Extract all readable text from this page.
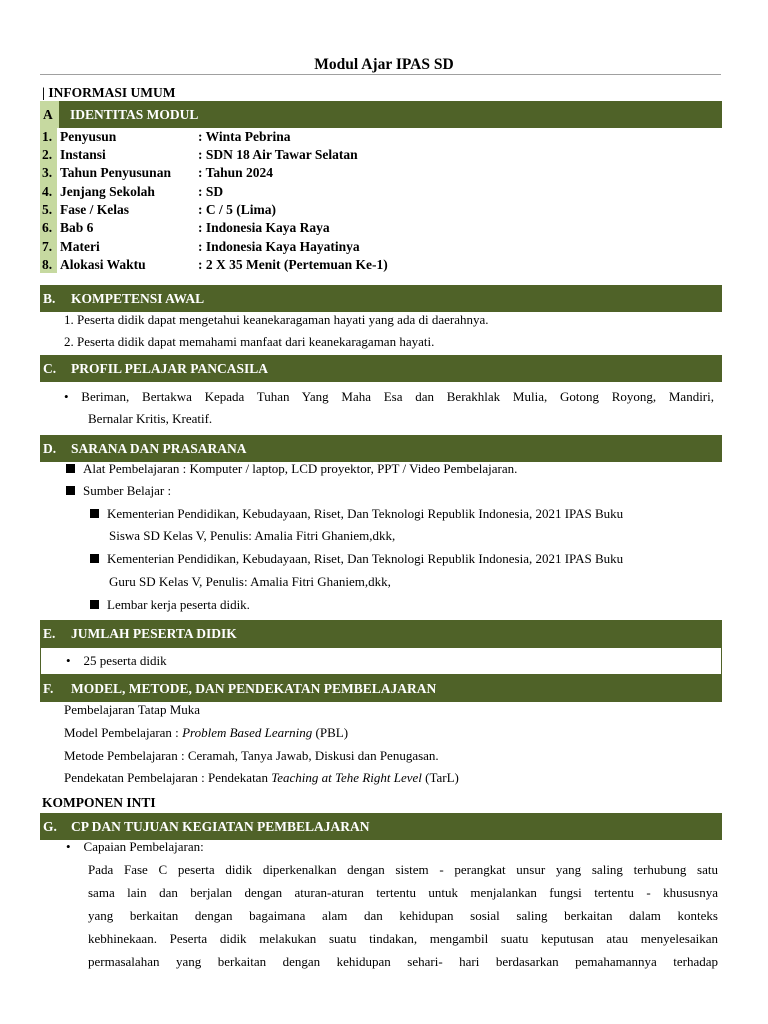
Modul Ajar IPAS SD
| INFORMASI UMUM
A	IDENTITAS MODUL
1. Penyusun	: Winta Pebrina
2. Instansi	: SDN 18 Air Tawar Selatan
3. Tahun Penyusunan : Tahun 2024
4. Jenjang Sekolah	: SD
5. Fase / Kelas	: C / 5 (Lima)
6. Bab 6	: Indonesia Kaya Raya
7. Materi	: Indonesia Kaya Hayatinya
8. Alokasi Waktu	: 2 X 35 Menit (Pertemuan Ke-1)
B.	KOMPETENSI AWAL
1. Peserta didik dapat mengetahui keanekaragaman hayati yang ada di daerahnya.
2. Peserta didik dapat memahami manfaat dari keanekaragaman hayati.
C.	PROFIL PELAJAR PANCASILA
• Beriman, Bertakwa Kepada Tuhan Yang Maha Esa dan Berakhlak Mulia, Gotong Royong, Mandiri,
Bernalar Kritis, Kreatif.
D.	SARANA DAN PRASARANA
Alat Pembelajaran : Komputer / laptop, LCD proyektor, PPT / Video Pembelajaran.
Sumber Belajar :
Kementerian Pendidikan, Kebudayaan, Riset, Dan Teknologi Republik Indonesia, 2021 IPAS Buku
Siswa SD Kelas V, Penulis: Amalia Fitri Ghaniem,dkk,
Kementerian Pendidikan, Kebudayaan, Riset, Dan Teknologi Republik Indonesia, 2021 IPAS Buku
Guru SD Kelas V, Penulis: Amalia Fitri Ghaniem,dkk,
Lembar kerja peserta didik.
E.	JUMLAH PESERTA DIDIK
•    25 peserta didik
F.	MODEL, METODE, DAN PENDEKATAN PEMBELAJARAN
Pembelajaran Tatap Muka
Model Pembelajaran : Problem Based Learning (PBL)
Metode Pembelajaran : Ceramah, Tanya Jawab, Diskusi dan Penugasan.
Pendekatan Pembelajaran : Pendekatan Teaching at Tehe Right Level (TarL)
KOMPONEN INTI
G.	CP DAN TUJUAN KEGIATAN PEMBELAJARAN
•    Capaian Pembelajaran:
Pada Fase C peserta didik diperkenalkan dengan sistem - perangkat unsur yang saling terhubung satu
sama lain dan berjalan dengan aturan-aturan tertentu untuk menjalankan fungsi tertentu - khususnya
yang berkaitan dengan bagaimana alam dan kehidupan sosial saling berkaitan dalam konteks
kebhinekaan. Peserta didik melakukan suatu tindakan, mengambil suatu keputusan atau menyelesaikan
permasalahan yang berkaitan dengan kehidupan sehari- hari berdasarkan pemahamannya terhadap
